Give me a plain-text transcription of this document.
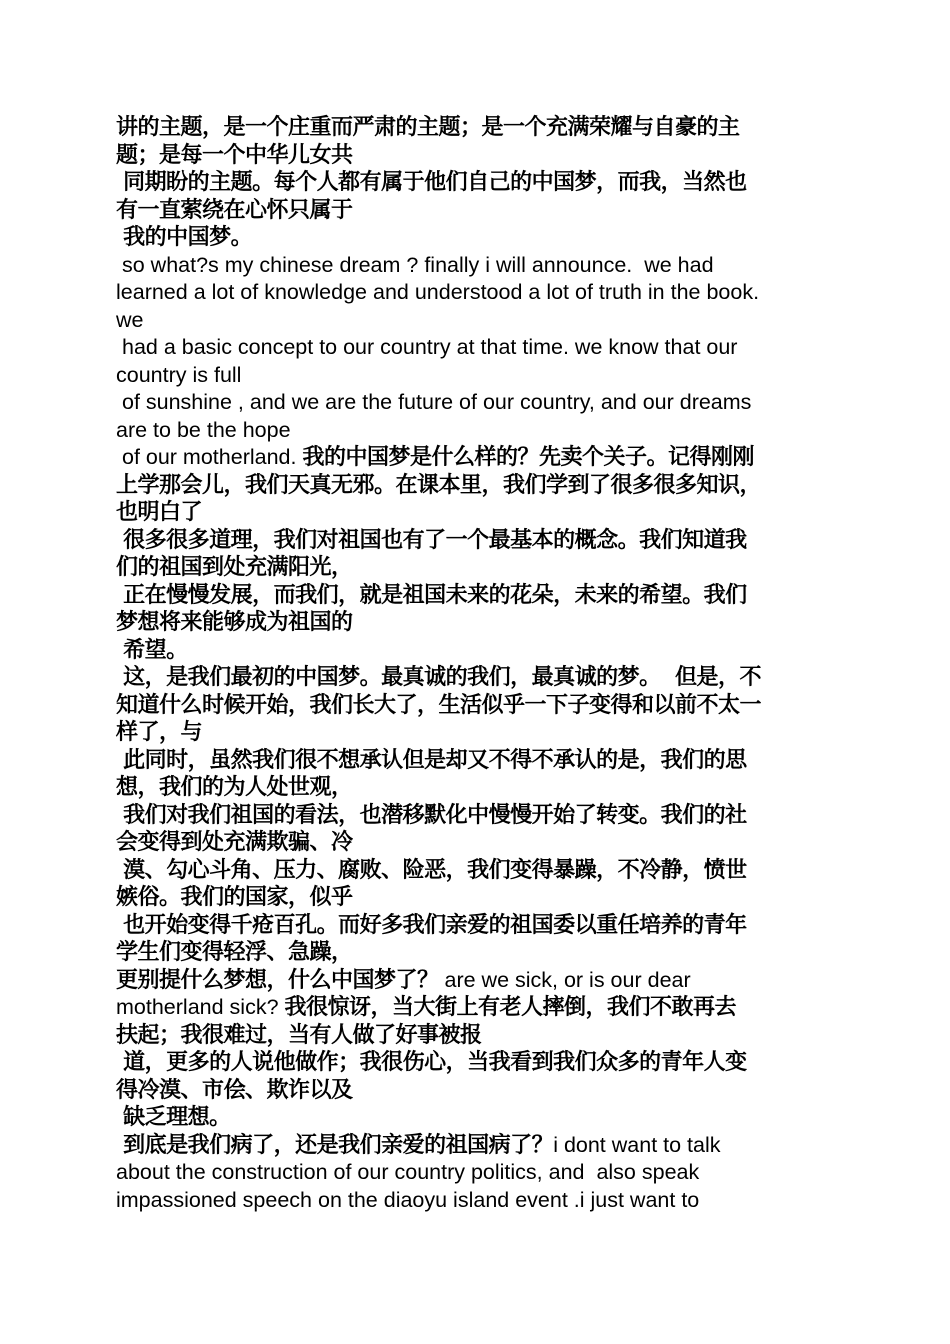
讲的主题，是一个庄重而严肃的主题；是一个充满荣耀与自豪的主
题；是每一个中华儿女共
同期盼的主题。每个人都有属于他们自己的中国梦，而我，当然也
有一直萦绕在心怀只属于
我的中国梦。
so what?s my chinese dream ? finally i will announce.  we had
learned a lot of knowledge and understood a lot of truth in the book.
we
had a basic concept to our country at that time. we know that our
country is full
of sunshine , and we are the future of our country, and our dreams
are to be the hope
of our motherland. 我的中国梦是什么样的？先卖个关子。记得刚刚
上学那会儿，我们天真无邪。在课本里，我们学到了很多很多知识，
也明白了
很多很多道理，我们对祖国也有了一个最基本的概念。我们知道我
们的祖国到处充满阳光，
正在慢慢发展，而我们，就是祖国未来的花朵，未来的希望。我们
梦想将来能够成为祖国的
希望。
这，是我们最初的中国梦。最真诚的我们，最真诚的梦。  但是，不
知道什么时候开始，我们长大了，生活似乎一下子变得和以前不太一
样了，与
此同时，虽然我们很不想承认但是却又不得不承认的是，我们的思
想，我们的为人处世观，
我们对我们祖国的看法，也潜移默化中慢慢开始了转变。我们的社
会变得到处充满欺骗、冷
漠、勾心斗角、压力、腐败、险恶，我们变得暴躁，不冷静，愤世
嫉俗。我们的国家，似乎
也开始变得千疮百孔。而好多我们亲爱的祖国委以重任培养的青年
学生们变得轻浮、急躁，
更别提什么梦想，什么中国梦了？ are we sick, or is our dear
motherland sick? 我很惊讶，当大街上有老人摔倒，我们不敢再去
扶起；我很难过，当有人做了好事被报
道，更多的人说他做作；我很伤心，当我看到我们众多的青年人变
得冷漠、市侩、欺诈以及
缺乏理想。
到底是我们病了，还是我们亲爱的祖国病了？i dont want to talk
about the construction of our country politics, and  also speak
impassioned speech on the diaoyu island event .i just want to
